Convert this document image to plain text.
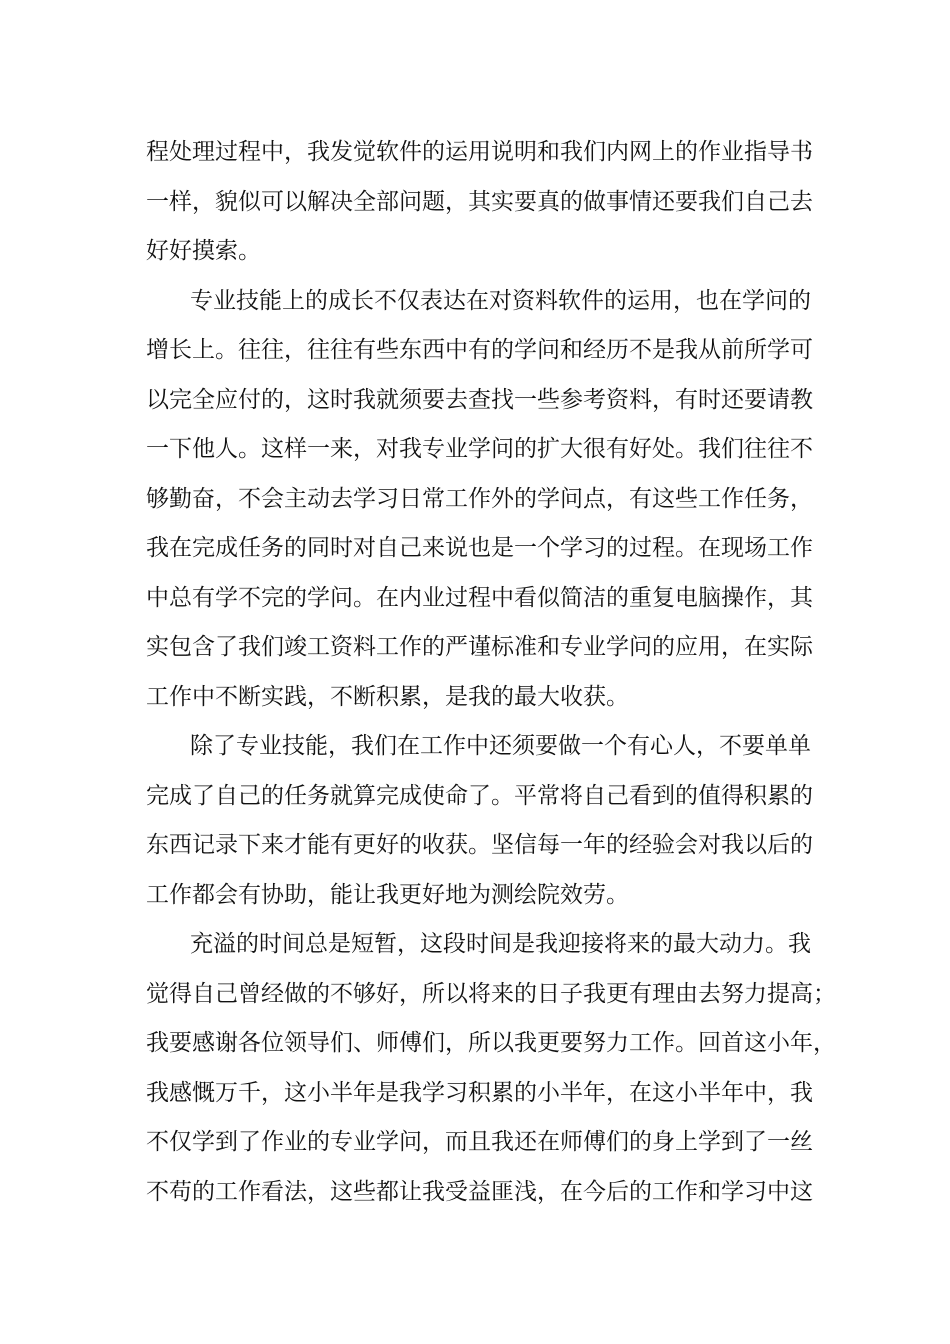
程处理过程中，我发觉软件的运用说明和我们内网上的作业指导书
一样，貌似可以解决全部问题，其实要真的做事情还要我们自己去
好好摸索。
专业技能上的成长不仅表达在对资料软件的运用，也在学问的
增长上。往往，往往有些东西中有的学问和经历不是我从前所学可
以完全应付的，这时我就须要去查找一些参考资料，有时还要请教
一下他人。这样一来，对我专业学问的扩大很有好处。我们往往不
够勤奋，不会主动去学习日常工作外的学问点，有这些工作任务，
我在完成任务的同时对自己来说也是一个学习的过程。在现场工作
中总有学不完的学问。在内业过程中看似简洁的重复电脑操作，其
实包含了我们竣工资料工作的严谨标准和专业学问的应用，在实际
工作中不断实践，不断积累，是我的最大收获。
除了专业技能，我们在工作中还须要做一个有心人，不要单单
完成了自己的任务就算完成使命了。平常将自己看到的值得积累的
东西记录下来才能有更好的收获。坚信每一年的经验会对我以后的
工作都会有协助，能让我更好地为测绘院效劳。
充溢的时间总是短暂，这段时间是我迎接将来的最大动力。我
觉得自己曾经做的不够好，所以将来的日子我更有理由去努力提高；
我要感谢各位领导们、师傅们，所以我更要努力工作。回首这小年，
我感慨万千，这小半年是我学习积累的小半年，在这小半年中，我
不仅学到了作业的专业学问，而且我还在师傅们的身上学到了一丝
不苟的工作看法，这些都让我受益匪浅，在今后的工作和学习中这
